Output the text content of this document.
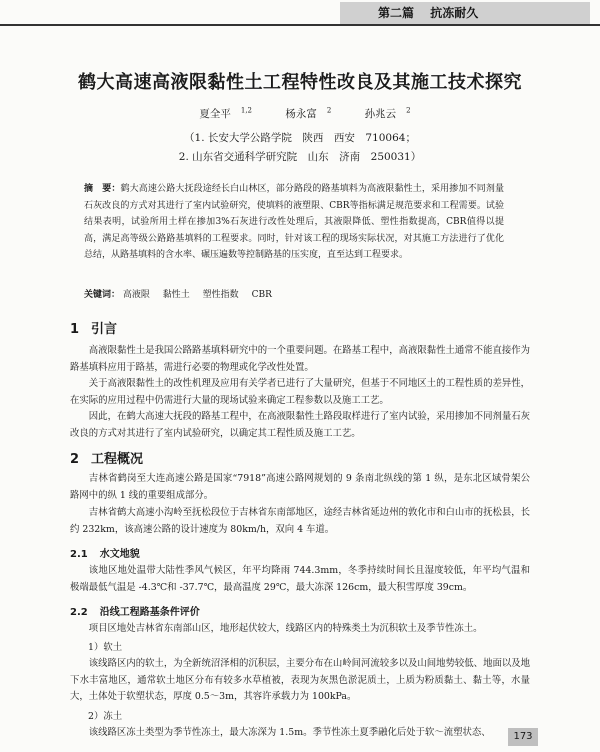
第二篇 抗冻耐久
鹤大高速高液限黏性土工程特性改良及其施工技术探究
夏全平 $^{1,2}$	杨永富 $^2$	孙兆云 $^2$
（1. 长安大学公路学院　陕西　西安　710064；
2. 山东省交通科学研究院　山东　济南　250031）
摘　要：鹤大高速公路大抚段途经长白山林区，部分路段的路基填料为高液限黏性土，采用掺加不同剂量石灰改良的方式对其进行了室内试验研究，使填料的液塑限、CBR等指标满足规范要求和工程需要。试验结果表明，试验所用土样在掺加3%石灰进行改性处理后，其液限降低、塑性指数提高，CBR值得以提高，满足高等级公路路基填料的工程要求。同时，针对该工程的现场实际状况，对其施工方法进行了优化总结，从路基填料的含水率、碾压遍数等控制路基的压实度，直至达到工程要求。
关键词： 高液限 黏性土 塑性指数 CBR
1 引言
高液限黏性土是我国公路路基填料研究中的一个重要问题。在路基工程中，高液限黏性土通常不能直接作为路基填料应用于路基，需进行必要的物理或化学改性处置。
关于高液限黏性土的改性机理及应用有关学者已进行了大量研究，但基于不同地区土的工程性质的差异性，在实际的应用过程中仍需进行大量的现场试验来确定工程参数以及施工工艺。
因此，在鹤大高速大抚段的路基工程中，在高液限黏性土路段取样进行了室内试验，采用掺加不同剂量石灰改良的方式对其进行了室内试验研究，以确定其工程性质及施工工艺。
2 工程概况
吉林省鹤岗至大连高速公路是国家“7918”高速公路网规划的 9 条南北纵线的第 1 纵，是东北区域骨架公路网中的纵 1 线的重要组成部分。
吉林省鹤大高速小沟岭至抚松段位于吉林省东南部地区，途经吉林省延边州的敦化市和白山市的抚松县，长约 232km，该高速公路的设计速度为 80km/h，双向 4 车道。
2.1 水文地貌
该地区地处温带大陆性季风气候区，年平均降雨 744.3mm，冬季持续时间长且湿度较低，年平均气温和极端最低气温是 -4.3℃和 -37.7℃，最高温度 29℃，最大冻深 126cm，最大积雪厚度 39cm。
2.2 沿线工程路基条件评价
项目区地处吉林省东南部山区，地形起伏较大，线路区内的特殊类土为沉积软土及季节性冻土。
1）软土
该线路区内的软土，为全新统沼泽相的沉积层，主要分布在山岭间河流较多以及山间地势较低、地面以及地下水丰富地区，通常软土地区分布有较多水草植被，表现为灰黑色淤泥质土，上质为粉质黏土、黏土等，水量大，土体处于软塑状态，厚度 0.5～3m，其容许承载力为 100kPa。
2）冻土
该线路区冻土类型为季节性冻土，最大冻深为 1.5m。季节性冻土夏季融化后处于软～流塑状态、	173
